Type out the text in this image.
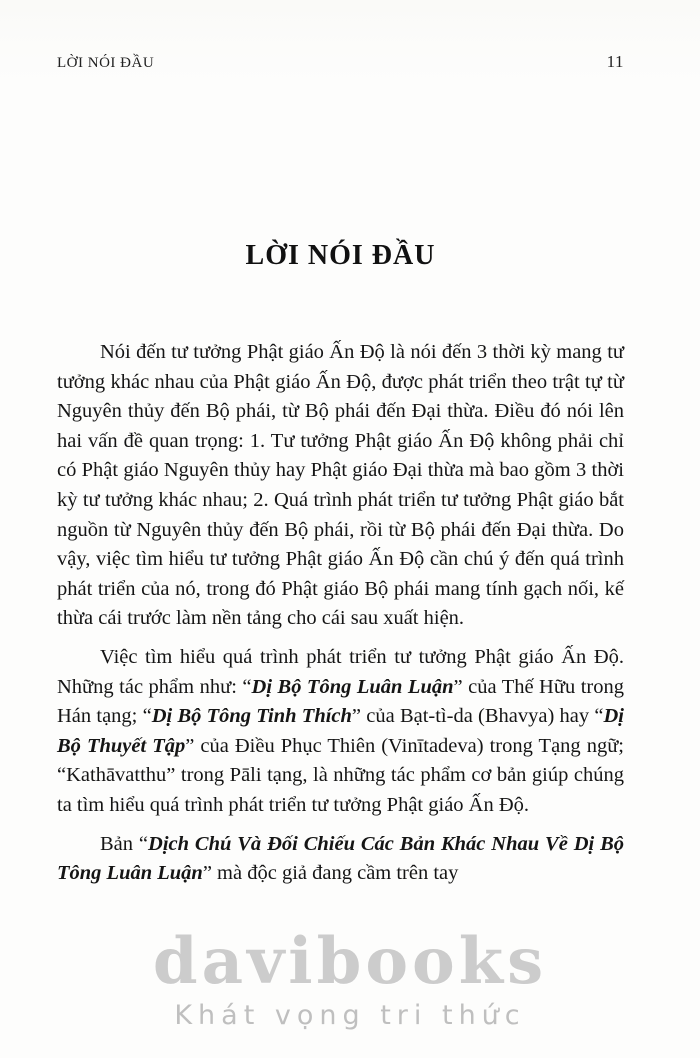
LỜI NÓI ĐẦU	11
LỜI NÓI ĐẦU

Nói đến tư tưởng Phật giáo Ấn Độ là nói đến 3 thời kỳ mang tư tưởng khác nhau của Phật giáo Ấn Độ, được phát triển theo trật tự từ Nguyên thủy đến Bộ phái, từ Bộ phái đến Đại thừa. Điều đó nói lên hai vấn đề quan trọng: 1. Tư tưởng Phật giáo Ấn Độ không phải chỉ có Phật giáo Nguyên thủy hay Phật giáo Đại thừa mà bao gồm 3 thời kỳ tư tưởng khác nhau; 2. Quá trình phát triển tư tưởng Phật giáo bắt nguồn từ Nguyên thủy đến Bộ phái, rồi từ Bộ phái đến Đại thừa. Do vậy, việc tìm hiểu tư tưởng Phật giáo Ấn Độ cần chú ý đến quá trình phát triển của nó, trong đó Phật giáo Bộ phái mang tính gạch nối, kế thừa cái trước làm nền tảng cho cái sau xuất hiện.

Việc tìm hiểu quá trình phát triển tư tưởng Phật giáo Ấn Độ. Những tác phẩm như: “Dị Bộ Tông Luân Luận” của Thế Hữu trong Hán tạng; “Dị Bộ Tông Tinh Thích” của Bạt-tì-da (Bhavya) hay “Dị Bộ Thuyết Tập” của Điều Phục Thiên (Vinītadeva) trong Tạng ngữ; “Kathāvatthu” trong Pāli tạng, là những tác phẩm cơ bản giúp chúng ta tìm hiểu quá trình phát triển tư tưởng Phật giáo Ấn Độ.

Bản “Dịch Chú Và Đối Chiếu Các Bản Khác Nhau Về Dị Bộ Tông Luân Luận” mà độc giả đang cầm trên tay

davibooks
Khát vọng tri thức
